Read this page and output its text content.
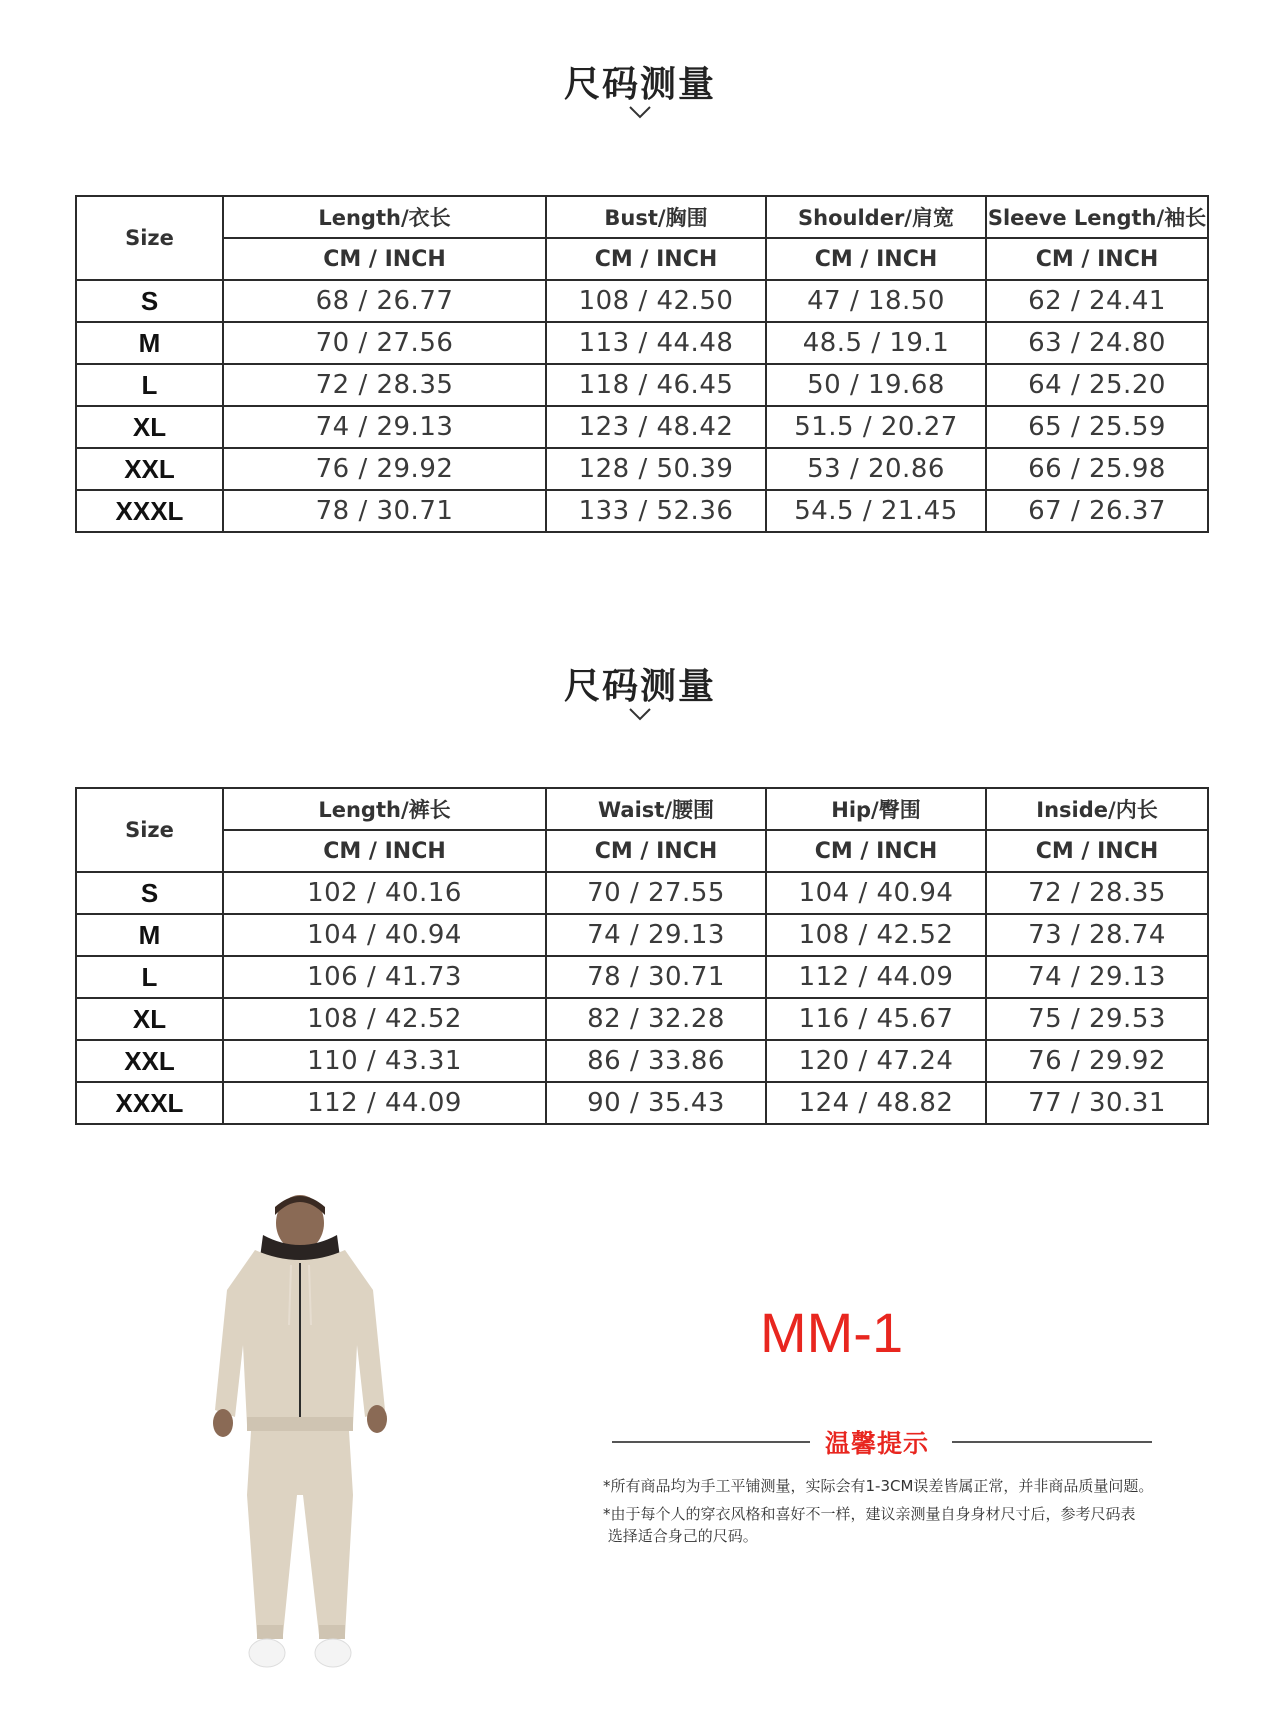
尺码测量
Size	Length/衣长	Bust/胸围	Shoulder/肩宽	Sleeve Length/袖长
	CM / INCH	CM / INCH	CM / INCH	CM / INCH
S	68 / 26.77	108 / 42.50	47 / 18.50	62 / 24.41
M	70 / 27.56	113 / 44.48	48.5 / 19.1	63 / 24.80
L	72 / 28.35	118 / 46.45	50 / 19.68	64 / 25.20
XL	74 / 29.13	123 / 48.42	51.5 / 20.27	65 / 25.59
XXL	76 / 29.92	128 / 50.39	53 / 20.86	66 / 25.98
XXXL	78 / 30.71	133 / 52.36	54.5 / 21.45	67 / 26.37
尺码测量
Size	Length/裤长	Waist/腰围	Hip/臀围	Inside/内长
	CM / INCH	CM / INCH	CM / INCH	CM / INCH
S	102 / 40.16	70 / 27.55	104 / 40.94	72 / 28.35
M	104 / 40.94	74 / 29.13	108 / 42.52	73 / 28.74
L	106 / 41.73	78 / 30.71	112 / 44.09	74 / 29.13
XL	108 / 42.52	82 / 32.28	116 / 45.67	75 / 29.53
XXL	110 / 43.31	86 / 33.86	120 / 47.24	76 / 29.92
XXXL	112 / 44.09	90 / 35.43	124 / 48.82	77 / 30.31
MM-1
温馨提示
*所有商品均为手工平铺测量，实际会有1-3CM误差皆属正常，并非商品质量问题。
*由于每个人的穿衣风格和喜好不一样，建议亲测量自身身材尺寸后，参考尺码表
选择适合身己的尺码。
